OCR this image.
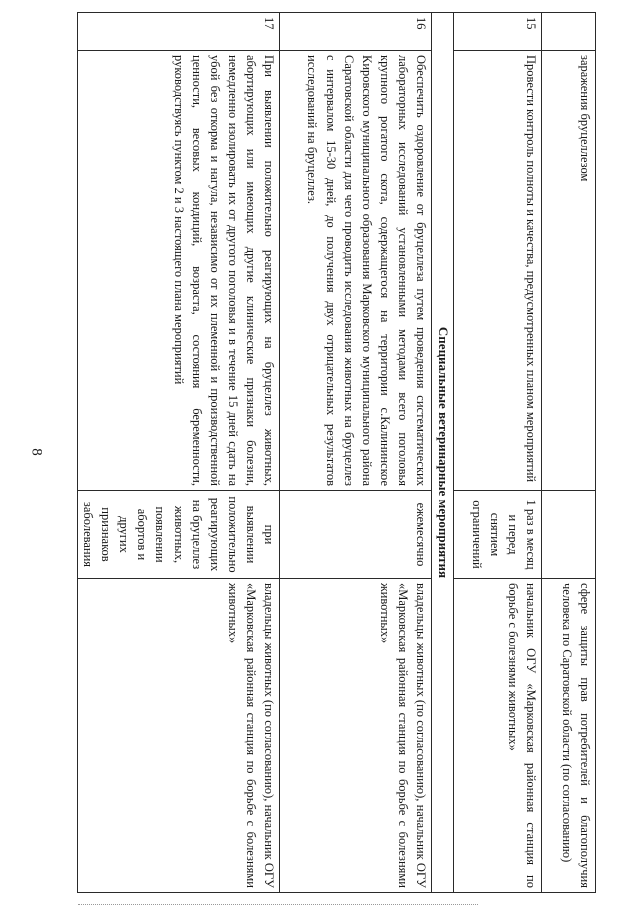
8
	заражения бруцеллезом		сфере защиты прав потребителей и благополучия человека по Саратовской области (по согласованию)
15	Провести контроль полноты и качества, предусмотренных планом мероприятий	1 раз в месяц и перед снятием ограничений	начальник ОГУ «Марковская районная станция по борьбе с болезнями животных»
Специальные ветеринарные мероприятия			
16	Обеспечить оздоровление от бруцеллеза путем проведения систематических лабораторных исследований установленными методами всего поголовья крупного рогатого скота, содержащегося на территории с.Калининское Кировского муниципального образования Марковского муниципального района Саратовской области для чего проводить исследования животных на бруцеллез с интервалом 15-30 дней, до получения двух отрицательных результатов исследований на бруцеллез.	ежемесячно	владельцы животных (по согласованию), начальник ОГУ «Марковская районная станция по борьбе с болезнями животных»
17	При выявлении положительно реагирующих на бруцеллез животных, абортирующих или имеющих другие клинические признаки болезни, немедленно изолировать их от другого поголовья и в течение 15 дней сдать на убой без откорма и нагула, независимо от их племенной и производственной ценности, весовых кондиций, возраста, состояния беременности, руководствуясь пунктом 2 и 3 настоящего плана мероприятий	при выявлении положительно реагирующих на бруцеллез животных, появлении абортов и других признаков заболевания	владельцы животных (по согласованию), начальник ОГУ «Марковская районная станция по борьбе с болезнями животных»
